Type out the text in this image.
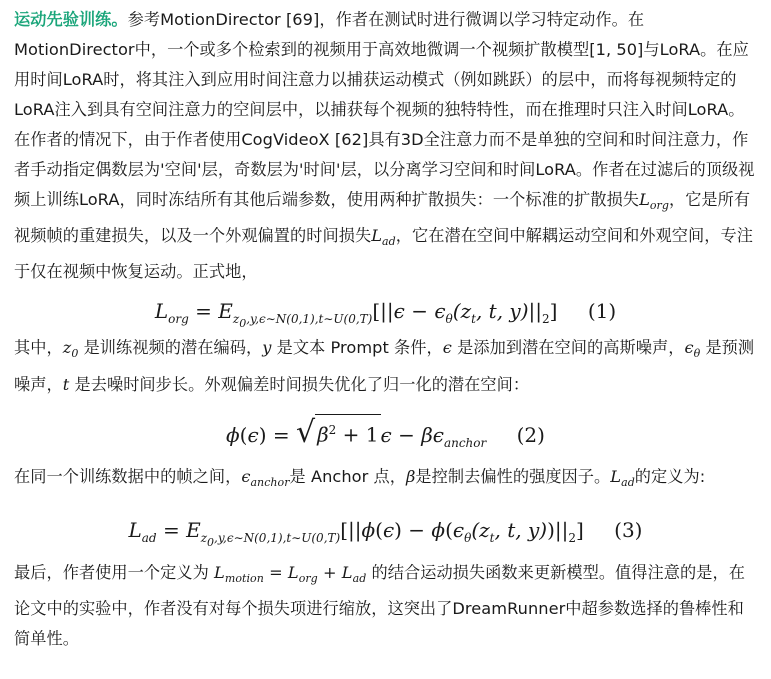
运动先验训练。参考MotionDirector [69]，作者在测试时进行微调以学习特定动作。在MotionDirector中，一个或多个检索到的视频用于高效地微调一个视频扩散模型[1, 50]与LoRA。在应用时间LoRA时，将其注入到应用时间注意力以捕获运动模式（例如跳跃）的层中，而将每视频特定的LoRA注入到具有空间注意力的空间层中，以捕获每个视频的独特特性，而在推理时只注入时间LoRA。在作者的情况下，由于作者使用CogVideoX [62]具有3D全注意力而不是单独的空间和时间注意力，作者手动指定偶数层为'空间'层，奇数层为'时间'层，以分离学习空间和时间LoRA。作者在过滤后的顶级视频上训练LoRA，同时冻结所有其他后端参数，使用两种扩散损失：一个标准的扩散损失$L_{org}$，它是所有视频帧的重建损失，以及一个外观偏置的时间损失$L_{ad}$，它在潜在空间中解耦运动空间和外观空间，专注于仅在视频中恢复运动。正式地，

$L_{org} = E_{z0,y,\epsilon\sim N(0,1),t\sim U(0,T)}[||\epsilon - \epsilon_\theta(z_t$, t, $y)||_2$] (1)

其中，$z_0$ 是训练视频的潜在编码，y 是文本 Prompt 条件，ϵ 是添加到潜在空间的高斯噪声，$\epsilon_\theta$ 是预测噪声，t 是去噪时间步长。外观偏差时间损失优化了归一化的潜在空间：

ϕ(ϵ) = √ $\beta^2 + 1$ $\epsilon - \beta\epsilon_{anchor}$ (2)

在同一个训练数据中的帧之间，$\epsilon_{anchor}$是 Anchor 点，β是控制去偏性的强度因子。$L_{ad}$的定义为:

$L_{ad} = E_{z0,y,\epsilon\sim N(0,1),t\sim U(0,T)}[||\phi(\epsilon) - \phi(\epsilon_\theta(z_t$, t, $y))||_2$] (3)

最后，作者使用一个定义为 $L_{motion} = L_{org} + L_{ad}$ 的结合运动损失函数来更新模型。值得注意的是，在论文中的实验中，作者没有对每个损失项进行缩放，这突出了DreamRunner中超参数选择的鲁棒性和简单性。
